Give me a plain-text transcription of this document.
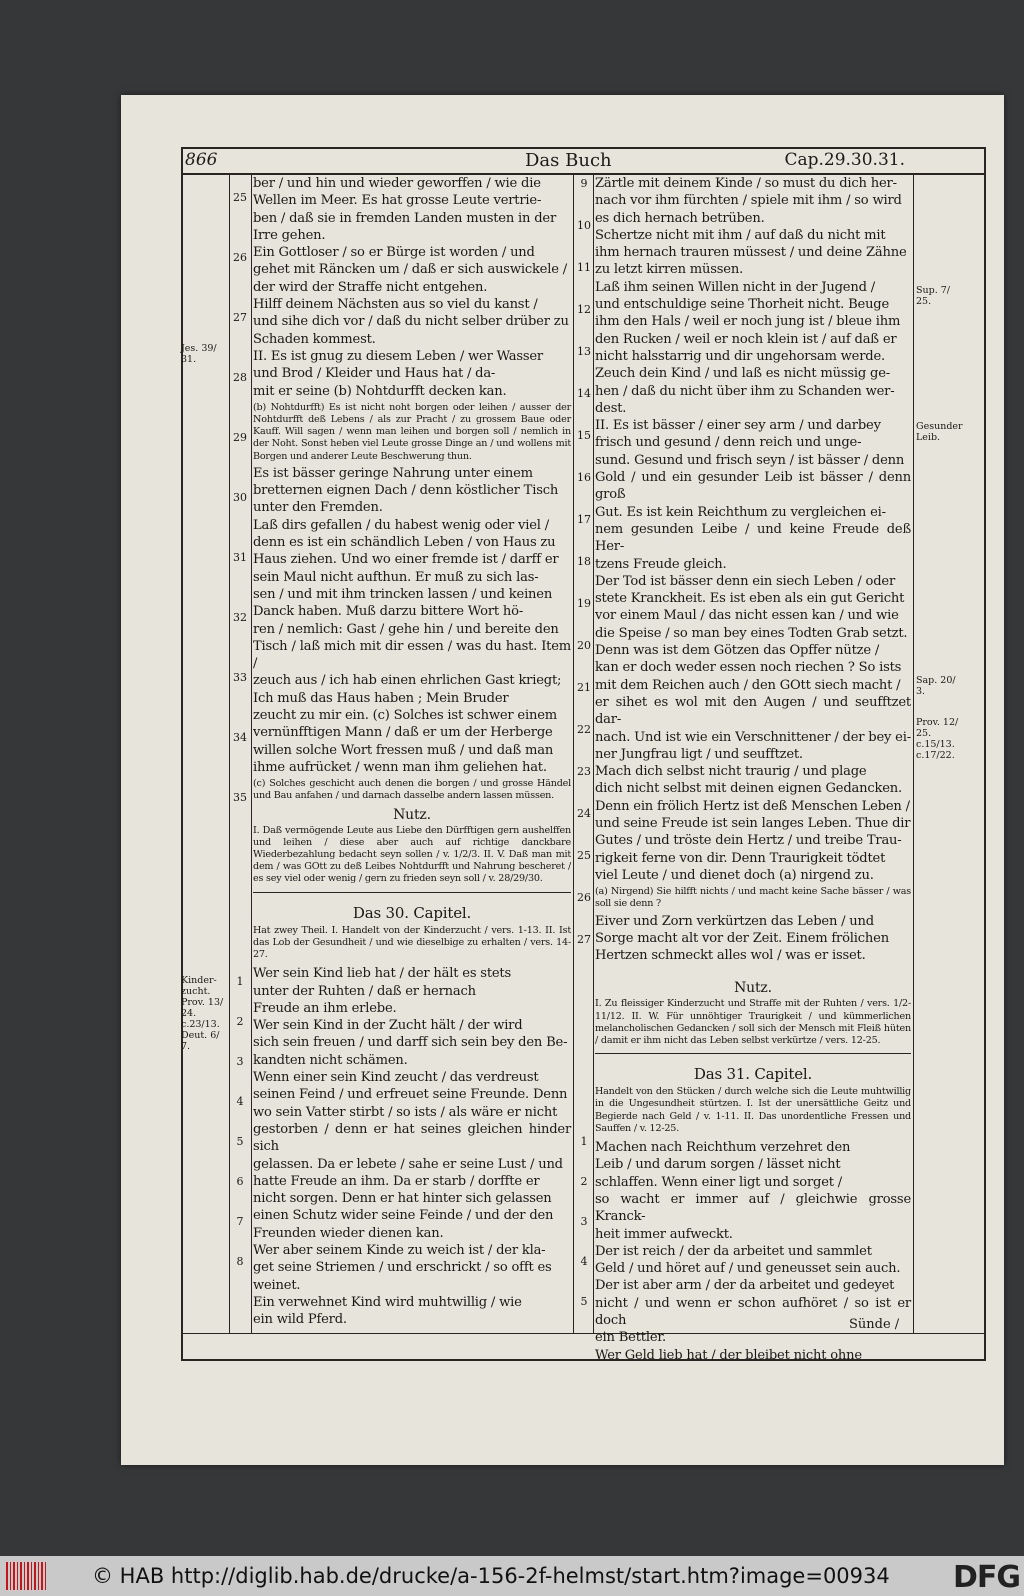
866	Das Buch	Cap.29.30.31.
Jes. 39/ 31.
Kinder- zucht. Prov. 13/ 24. c.23/13. Deut. 6/ 7.
Sup. 7/ 25.
Gesunder Leib.
Sap. 20/ 3.
Prov. 12/ 25. c.15/13. c.17/22.
25
26
27
28
29
30
31
32
33
34
35
1
2
3
4
5
6
7
8
9
10
11
12
13
14
15
16
17
18
19
20
21
22
23
24
25
26
27
1
2
3
4
5

ber / und hin und wieder geworffen / wie die

Wellen im Meer. Es hat grosse Leute vertrie-

ben / daß sie in fremden Landen musten in der

Irre gehen.

Ein Gottloser / so er Bürge ist worden / und

gehet mit Räncken um / daß er sich auswickele /

der wird der Straffe nicht entgehen.

Hilff deinem Nächsten aus so viel du kanst /

und sihe dich vor / daß du nicht selber drüber zu

Schaden kommest.

II. Es ist gnug zu diesem Leben / wer Wasser

und Brod / Kleider und Haus hat / da-

mit er seine (b) Nohtdurfft decken kan.

(b) Nohtdurfft) Es ist nicht noht borgen oder leihen / ausser der Nohtdurfft deß Lebens / als zur Pracht / zu grossem Baue oder Kauff. Will sagen / wenn man leihen und borgen soll / nemlich in der Noht. Sonst heben viel Leute grosse Dinge an / und wollens mit Borgen und anderer Leute Beschwerung thun.

Es ist bässer geringe Nahrung unter einem

bretternen eignen Dach / denn köstlicher Tisch

unter den Fremden.

Laß dirs gefallen / du habest wenig oder viel /

denn es ist ein schändlich Leben / von Haus zu

Haus ziehen. Und wo einer fremde ist / darff er

sein Maul nicht aufthun. Er muß zu sich las-

sen / und mit ihm trincken lassen / und keinen

Danck haben. Muß darzu bittere Wort hö-

ren / nemlich: Gast / gehe hin / und bereite den

Tisch / laß mich mit dir essen / was du hast. Item /

zeuch aus / ich hab einen ehrlichen Gast kriegt;

Ich muß das Haus haben ; Mein Bruder

zeucht zu mir ein. (c) Solches ist schwer einem

vernünfftigen Mann / daß er um der Herberge

willen solche Wort fressen muß / und daß man

ihme aufrücket / wenn man ihm geliehen hat.

(c) Solches geschicht auch denen die borgen / und grosse Händel und Bau anfahen / und darnach dasselbe andern lassen müssen.

Nutz.

I. Daß vermögende Leute aus Liebe den Dürfftigen gern aushelffen und leihen / diese aber auch auf richtige danckbare Wiederbezahlung bedacht seyn sollen / v. 1/2/3. II. V. Daß man mit dem / was GOtt zu deß Leibes Nohtdurfft und Nahrung bescheret / es sey viel oder wenig / gern zu frieden seyn soll / v. 28/29/30.

Das 30. Capitel.

Hat zwey Theil. I. Handelt von der Kinderzucht / vers. 1-13. II. Ist das Lob der Gesundheit / und wie dieselbige zu erhalten / vers. 14-27.

Wer sein Kind lieb hat / der hält es stets

unter der Ruhten / daß er hernach

Freude an ihm erlebe.

Wer sein Kind in der Zucht hält / der wird

sich sein freuen / und darff sich sein bey den Be-

kandten nicht schämen.

Wenn einer sein Kind zeucht / das verdreust

seinen Feind / und erfreuet seine Freunde. Denn

wo sein Vatter stirbt / so ists / als wäre er nicht

gestorben / denn er hat seines gleichen hinder sich

gelassen. Da er lebete / sahe er seine Lust / und

hatte Freude an ihm. Da er starb / dorffte er

nicht sorgen. Denn er hat hinter sich gelassen

einen Schutz wider seine Feinde / und der den

Freunden wieder dienen kan.

Wer aber seinem Kinde zu weich ist / der kla-

get seine Striemen / und erschrickt / so offt es

weinet.

Ein verwehnet Kind wird muhtwillig / wie

ein wild Pferd.

Zärtle mit deinem Kinde / so must du dich her-

nach vor ihm fürchten / spiele mit ihm / so wird

es dich hernach betrüben.

Schertze nicht mit ihm / auf daß du nicht mit

ihm hernach trauren müssest / und deine Zähne

zu letzt kirren müssen.

Laß ihm seinen Willen nicht in der Jugend /

und entschuldige seine Thorheit nicht. Beuge

ihm den Hals / weil er noch jung ist / bleue ihm

den Rucken / weil er noch klein ist / auf daß er

nicht halsstarrig und dir ungehorsam werde.

Zeuch dein Kind / und laß es nicht müssig ge-

hen / daß du nicht über ihm zu Schanden wer-

dest.

II. Es ist bässer / einer sey arm / und darbey

frisch und gesund / denn reich und unge-

sund. Gesund und frisch seyn / ist bässer / denn

Gold / und ein gesunder Leib ist bässer / denn groß

Gut. Es ist kein Reichthum zu vergleichen ei-

nem gesunden Leibe / und keine Freude deß Her-

tzens Freude gleich.

Der Tod ist bässer denn ein siech Leben / oder

stete Kranckheit. Es ist eben als ein gut Gericht

vor einem Maul / das nicht essen kan / und wie

die Speise / so man bey eines Todten Grab setzt.

Denn was ist dem Götzen das Opffer nütze /

kan er doch weder essen noch riechen ? So ists

mit dem Reichen auch / den GOtt siech macht /

er sihet es wol mit den Augen / und seufftzet dar-

nach. Und ist wie ein Verschnittener / der bey ei-

ner Jungfrau ligt / und seufftzet.

Mach dich selbst nicht traurig / und plage

dich nicht selbst mit deinen eignen Gedancken.

Denn ein frölich Hertz ist deß Menschen Leben /

und seine Freude ist sein langes Leben. Thue dir

Gutes / und tröste dein Hertz / und treibe Trau-

rigkeit ferne von dir. Denn Traurigkeit tödtet

viel Leute / und dienet doch (a) nirgend zu.

(a) Nirgend) Sie hilfft nichts / und macht keine Sache bässer / was soll sie denn ?

Eiver und Zorn verkürtzen das Leben / und

Sorge macht alt vor der Zeit. Einem frölichen

Hertzen schmeckt alles wol / was er isset.

Nutz.

I. Zu fleissiger Kinderzucht und Straffe mit der Ruhten / vers. 1/2-11/12. II. W. Für unnöhtiger Traurigkeit / und kümmerlichen melancholischen Gedancken / soll sich der Mensch mit Fleiß hüten / damit er ihm nicht das Leben selbst verkürtze / vers. 12-25.

Das 31. Capitel.

Handelt von den Stücken / durch welche sich die Leute muhtwillig in die Ungesundheit stürtzen. I. Ist der unersättliche Geitz und Begierde nach Geld / v. 1-11. II. Das unordentliche Fressen und Sauffen / v. 12-25.

Machen nach Reichthum verzehret den

Leib / und darum sorgen / lässet nicht

schlaffen. Wenn einer ligt und sorget /

so wacht er immer auf / gleichwie grosse Kranck-

heit immer aufweckt.

Der ist reich / der da arbeitet und sammlet

Geld / und höret auf / und geneusset sein auch.

Der ist aber arm / der da arbeitet und gedeyet

nicht / und wenn er schon aufhöret / so ist er doch

ein Bettler.

Wer Geld lieb hat / der bleibet nicht ohne

Sünde /
© HAB http://diglib.hab.de/drucke/a-156-2f-helmst/start.htm?image=00934 DFG
